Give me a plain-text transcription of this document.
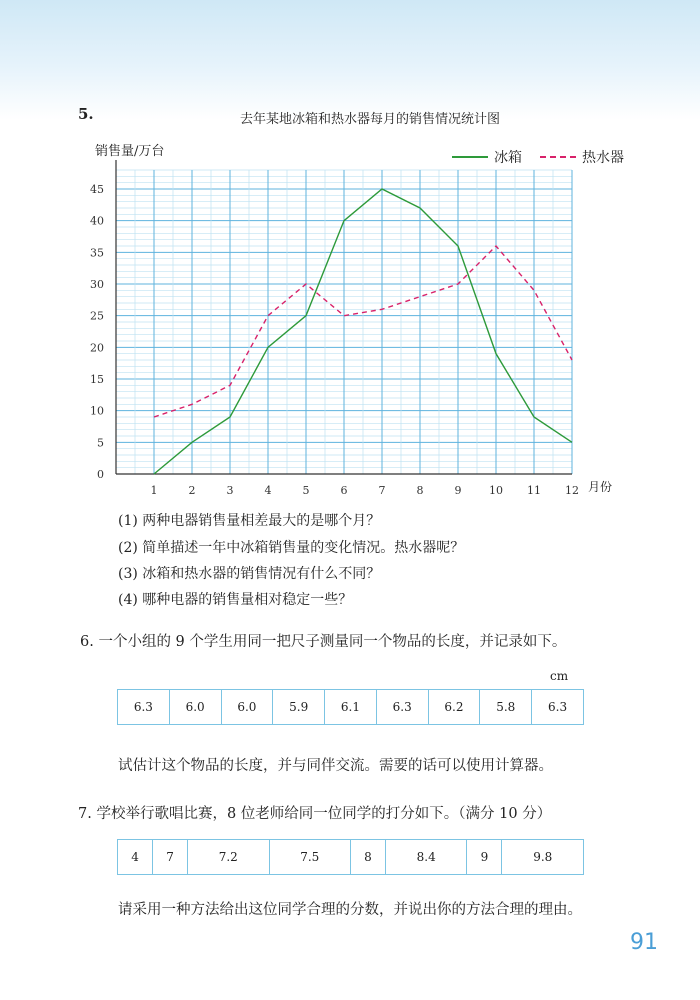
5.	去年某地冰箱和热水器每月的销售情况统计图
销售量/万台	冰箱	热水器
0
5
10
15
20
25
30
35
40
45
1	2	3	4	5	6	7	8	9	10 11 12 月份
(1) 两种电器销售量相差最大的是哪个月？
(2) 简单描述一年中冰箱销售量的变化情况。热水器呢？
(3) 冰箱和热水器的销售情况有什么不同？
(4) 哪种电器的销售量相对稳定一些？
6. 一个小组的 9 个学生用同一把尺子测量同一个物品的长度，并记录如下。
cm
6.3	6.0	6.0	5.9	6.1	6.3	6.2	5.8	6.3
试估计这个物品的长度，并与同伴交流。需要的话可以使用计算器。
7. 学校举行歌唱比赛，8 位老师给同一位同学的打分如下。（满分 10 分）
4	7	7.2	7.5	8	8.4	9	9.8
请采用一种方法给出这位同学合理的分数，并说出你的方法合理的理由。
91
